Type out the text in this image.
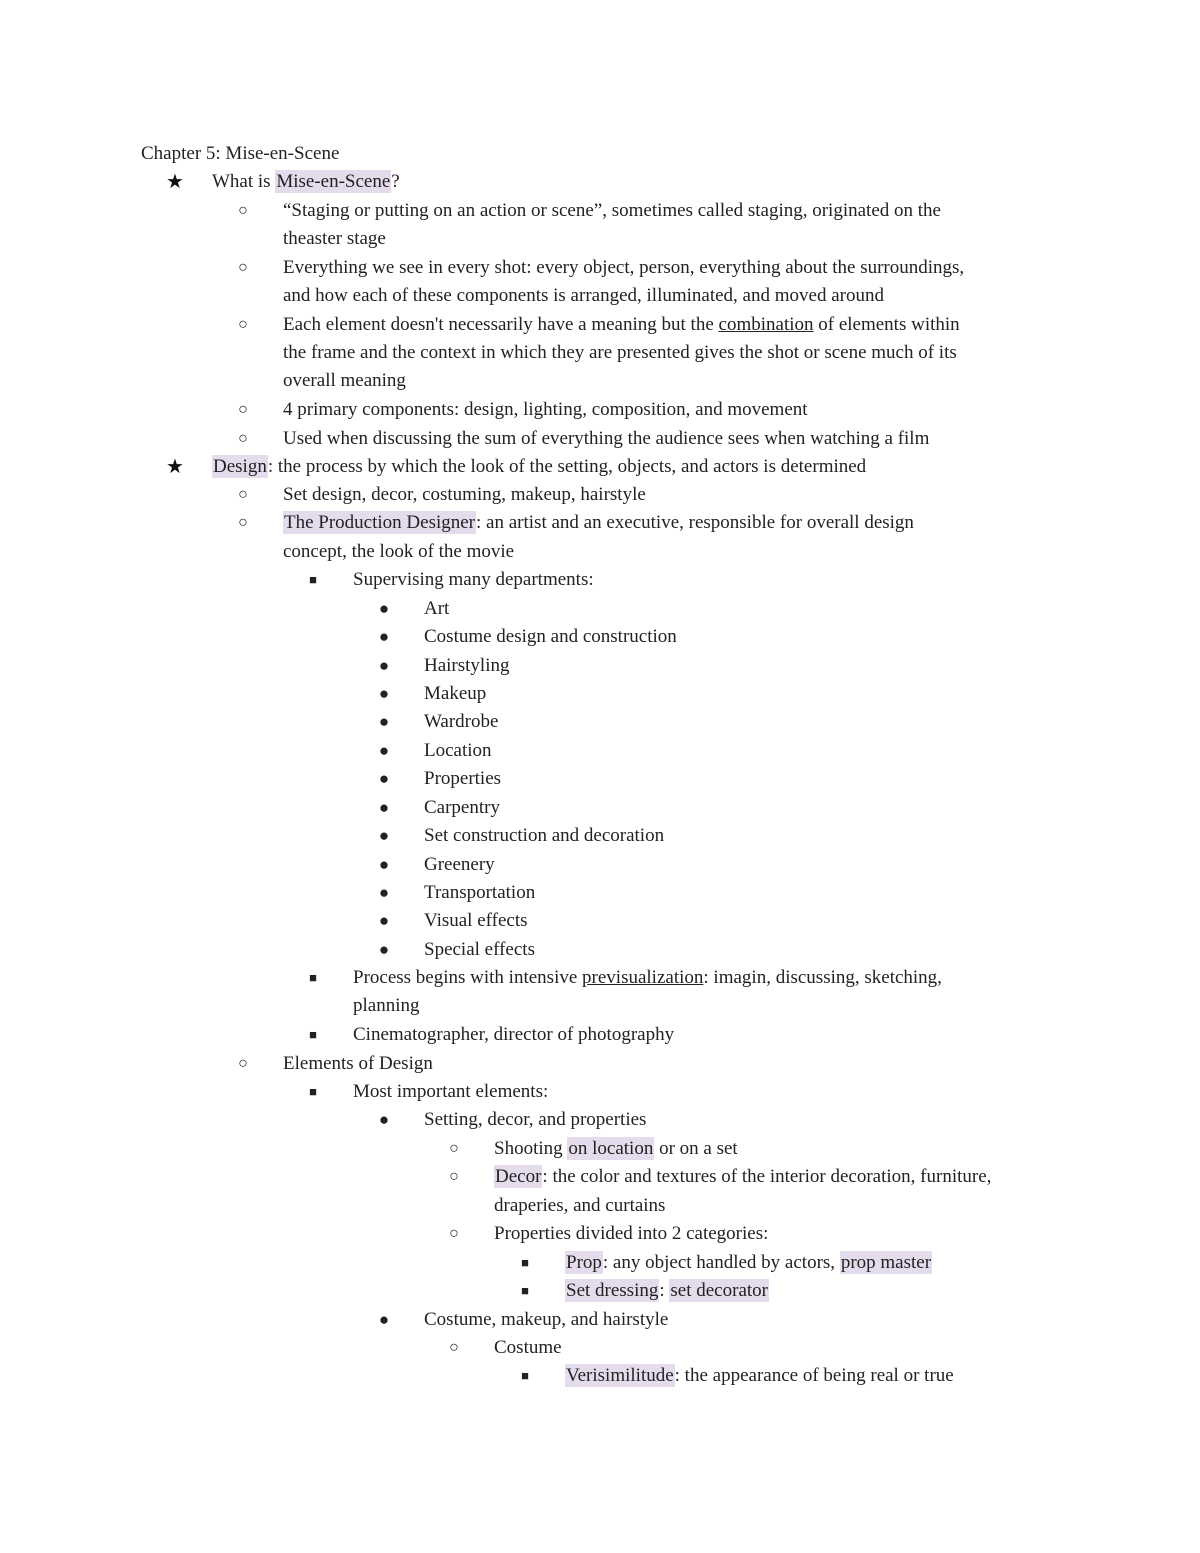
Chapter 5: Mise-en-Scene
★ What is Mise-en-Scene?
○	“Staging or putting on an action or scene”, sometimes called staging, originated on the
theaster stage
○	Everything we see in every shot: every object, person, everything about the surroundings,
and how each of these components is arranged, illuminated, and moved around
○	Each element doesn't necessarily have a meaning but the combination of elements within
the frame and the context in which they are presented gives the shot or scene much of its
overall meaning
○	4 primary components: design, lighting, composition, and movement
○	Used when discussing the sum of everything the audience sees when watching a film
★ Design: the process by which the look of the setting, objects, and actors is determined
○	Set design, decor, costuming, makeup, hairstyle
○	The Production Designer: an artist and an executive, responsible for overall design
concept, the look of the movie
■	Supervising many departments:
●	Art
●	Costume design and construction
●	Hairstyling
●	Makeup
●	Wardrobe
●	Location
●	Properties
●	Carpentry
●	Set construction and decoration
●	Greenery
●	Transportation
●	Visual effects
●	Special effects
■	Process begins with intensive previsualization: imagin, discussing, sketching,
planning
■	Cinematographer, director of photography
○	Elements of Design
■	Most important elements:
●	Setting, decor, and properties
○	Shooting on location or on a set
○	Decor: the color and textures of the interior decoration, furniture,
draperies, and curtains
○	Properties divided into 2 categories:
■	Prop: any object handled by actors, prop master
■	Set dressing: set decorator
●	Costume, makeup, and hairstyle
○	Costume
■	Verisimilitude: the appearance of being real or true
